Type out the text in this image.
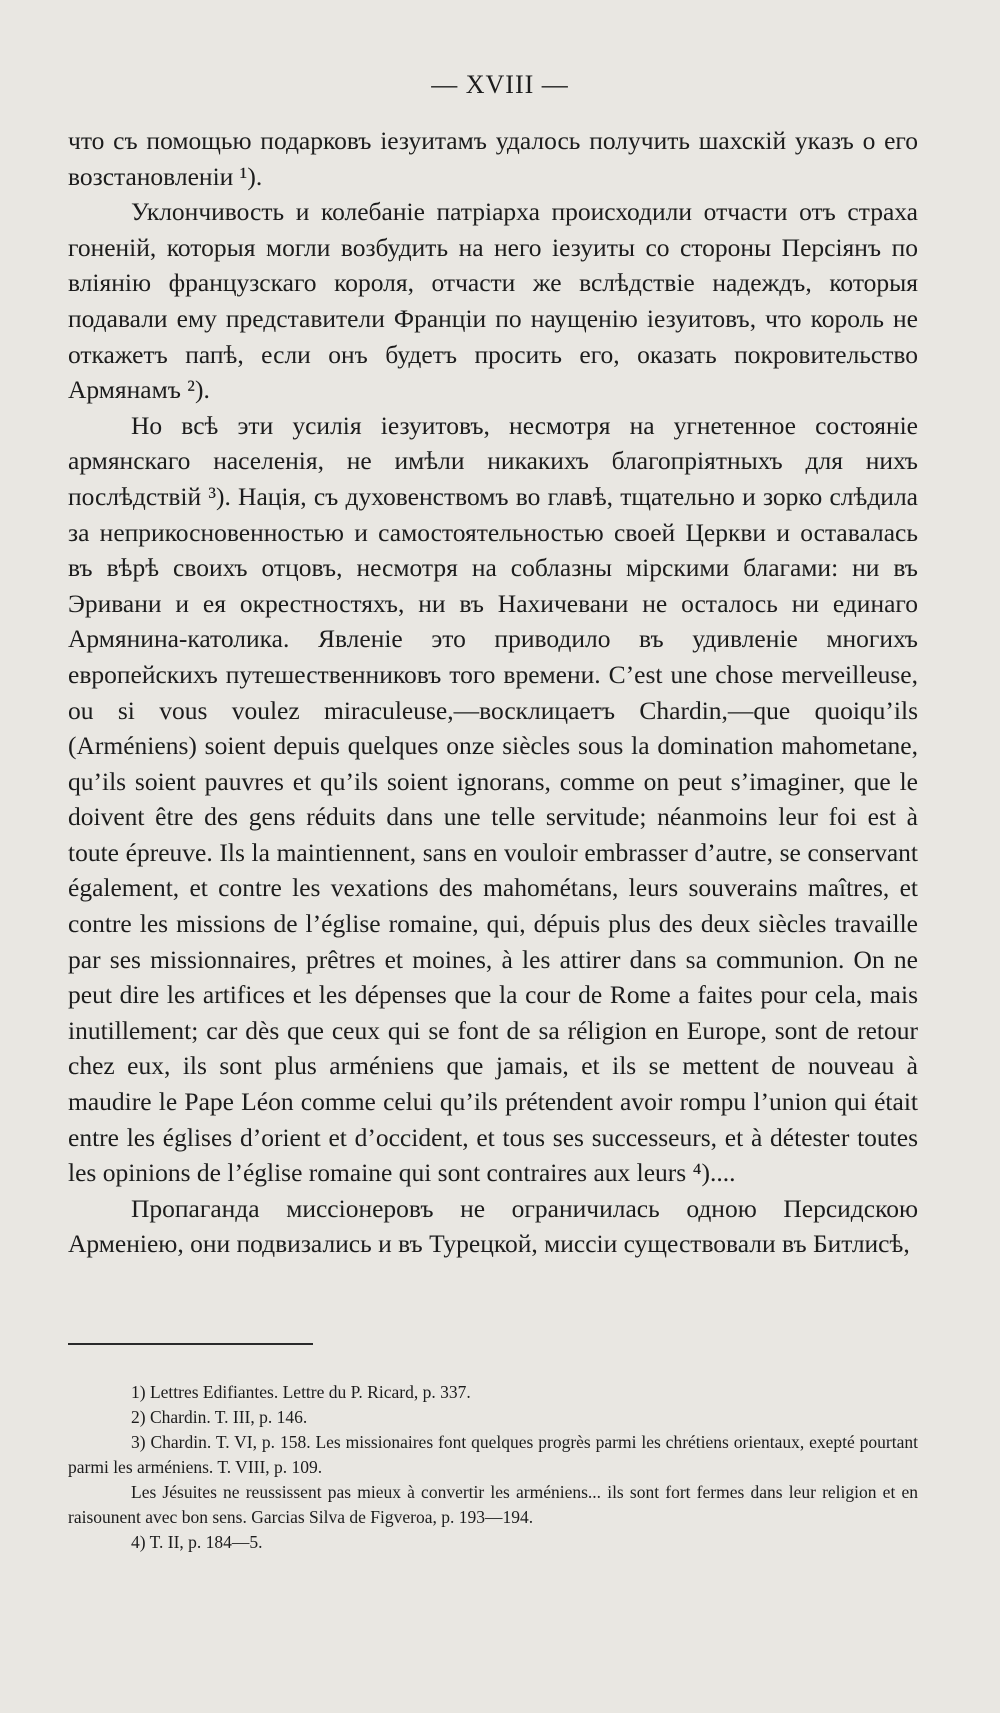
— XVIII —

что съ помощью подарковъ iезуитамъ удалось получить шахскiй указъ о его возстановленiи ¹).

Уклончивость и колебанiе патрiарха происходили отчасти отъ страха гоненiй, которыя могли возбудить на него iезуиты со стороны Персiянъ по влiянiю французскаго короля, отчасти же вслѣдствiе надеждъ, которыя подавали ему представители Францiи по наущенiю iезуитовъ, что король не откажетъ папѣ, если онъ будетъ просить его, оказать покровительство Армянамъ ²).

Но всѣ эти усилiя iезуитовъ, несмотря на угнетенное состоянiе армянскаго населенiя, не имѣли никакихъ благопрiятныхъ для нихъ послѣдствiй ³). Нацiя, съ духовенствомъ во главѣ, тщательно и зорко слѣдила за неприкосновенностью и самостоятельностью своей Церкви и оставалась въ вѣрѣ своихъ отцовъ, несмотря на соблазны мiрскими благами: ни въ Эривани и ея окрестностяхъ, ни въ Нахичевани не осталось ни единаго Армянина-католика. Явленiе это приводило въ удивленiе многихъ европейскихъ путешественниковъ того времени. C’est une chose merveilleuse, ou si vous voulez miraculeuse,—восклицаетъ Chardin,—que quoiqu’ils (Arméniens) soient depuis quelques onze siècles sous la domination mahometane, qu’ils soient pauvres et qu’ils soient ignorans, comme on peut s’imaginer, que le doivent être des gens réduits dans une telle servitude; néanmoins leur foi est à toute épreuve. Ils la maintiennent, sans en vouloir embrasser d’autre, se conservant également, et contre les vexations des mahométans, leurs souverains maîtres, et contre les missions de l’église romaine, qui, dépuis plus des deux siècles travaille par ses missionnaires, prêtres et moines, à les attirer dans sa communion. On ne peut dire les artifices et les dépenses que la cour de Rome a faites pour cela, mais inutillement; car dès que ceux qui se font de sa réligion en Europe, sont de retour chez eux, ils sont plus arméniens que jamais, et ils se mettent de nouveau à maudire le Pape Léon comme celui qu’ils prétendent avoir rompu l’union qui était entre les églises d’orient et d’occident, et tous ses successeurs, et à détester toutes les opinions de l’église romaine qui sont contraires aux leurs ⁴)....

Пропаганда миссiонеровъ не ограничилась одною Персидскою Арменiею, они подвизались и въ Турецкой, миссiи существовали въ Битлисѣ,

1) Lettres Edifiantes. Lettre du P. Ricard, p. 337.

2) Chardin. T. III, p. 146.

3) Chardin. T. VI, p. 158. Les missionaires font quelques progrès parmi les chrétiens orientaux, exepté pourtant parmi les arméniens. T. VIII, p. 109.

Les Jésuites ne reussissent pas mieux à convertir les arméniens... ils sont fort fermes dans leur religion et en raisounent avec bon sens. Garcias Silva de Figveroa, p. 193—194.

4) T. II, p. 184—5.
